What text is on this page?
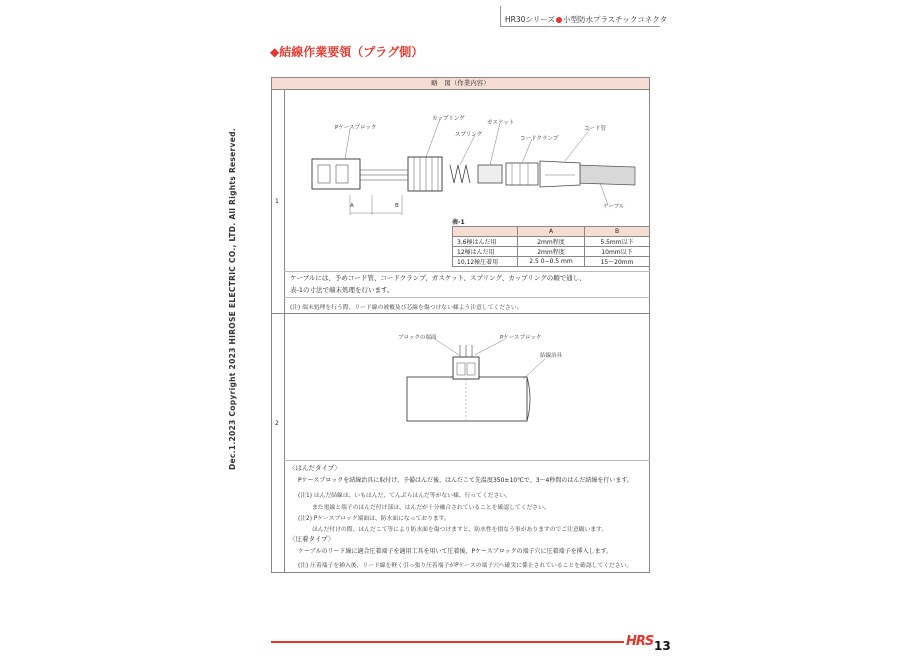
HR30シリーズ 小型防水プラスチックコネクタ
◆結線作業要領（プラグ側）
Dec.1.2023 Copyright 2023 HIROSE ELECTRIC CO., LTD. All Rights Reserved.
略　図（作業内容）
1
2
Pケースブロック
カップリング
スプリング
ガスケット
コードクランプ
コード管
ケーブル
A	B
表-1
	A	B
3,6極はんだ用	2mm程度	5.5mm以下
12極はんだ用	2mm程度	10mm以下
10,12極圧着用	2.5 0−0.5 mm	15〜20mm
ケーブルには、予めコード管、コードクランプ、ガスケット、スプリング、カップリングの順で通し、
表-1の寸法で端末処理を行います。
(注) 端末処理を行う際、リード線の被覆及び芯線を傷つけない様よう注意してください。
ブロックの端面	Pケースブロック
結線治具
〈はんだタイプ〉
Pケースブロックを結線治具に取付け、予備はんだ後、はんだこて先温度350±10℃で、3〜4秒間のはんだ結線を行います。
(注1) はんだ結線は、いもはんだ、てんぷらはんだ等がない様、行ってください。
また電線と端子のはんだ付け部は、はんだが十分融合されていることを確認してください。
(注2) Pケースブロック端面は、防水面になっております。
はんだ付けの際、はんだこて等により防水面を傷つけますと、防水性を損なう事がありますのでご注意願います。
〈圧着タイプ〉
ケーブルのリード線に適合圧着端子を適用工具を用いて圧着後、Pケースブロックの端子穴に圧着端子を挿入します。
(注) 圧着端子を挿入後、リード線を軽く引っ張り圧着端子がPケースの端子穴へ確実に係止されていることを確認してください。
HRS 13
